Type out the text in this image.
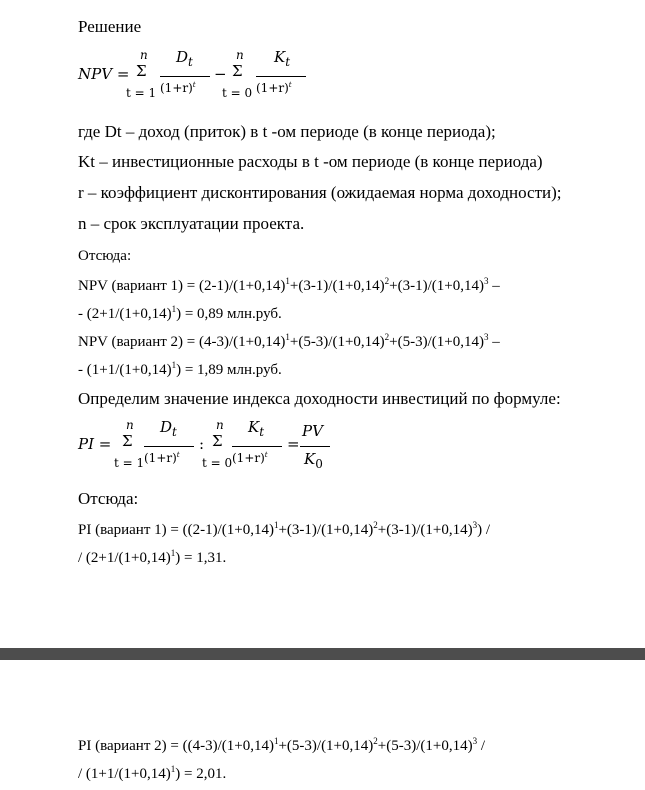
Решение
NPV =
n
Σ
t = 1
$D_t$
$(1+r)^t$
−
n
Σ
t = 0
$K_t$
$(1+r)^t$
где Dt – доход (приток) в t -ом периоде (в конце периода);
Kt – инвестиционные расходы в t -ом периоде (в конце периода)
r – коэффициент дисконтирования (ожидаемая норма доходности);
n – срок эксплуатации проекта.
Отсюда:
NPV (вариант $1) = (2-1)/(1+0,14)^1+(3-1)/(1+0,14)^2+(3-1)/(1+0,14)^3$ –
- $(2+1/(1+0,14)^1) = 0,89$ млн.руб.
NPV (вариант $2) = (4-3)/(1+0,14)^1+(5-3)/(1+0,14)^2+(5-3)/(1+0,14)^3$ –
- $(1+1/(1+0,14)^1) = 1,89$ млн.руб.
Определим значение индекса доходности инвестиций по формуле:
PI =
n
Σ
t = 1
$D_t$
$(1+r)^t$
:
n
Σ
t = 0
$K_t$
$(1+r)^t$
=
PV
$K_0$
Отсюда:
PI (вариант $1) = ((2-1)/(1+0,14)^1+(3-1)/(1+0,14)^2+(3-1)/(1+0,14)^3)$ /
/ $(2+1/(1+0,14)^1) = 1,31$.
PI (вариант $2) = ((4-3)/(1+0,14)^1+(5-3)/(1+0,14)^2+(5-3)/(1+0,14)^3$ /
/ $(1+1/(1+0,14)^1) = 2,01$.
